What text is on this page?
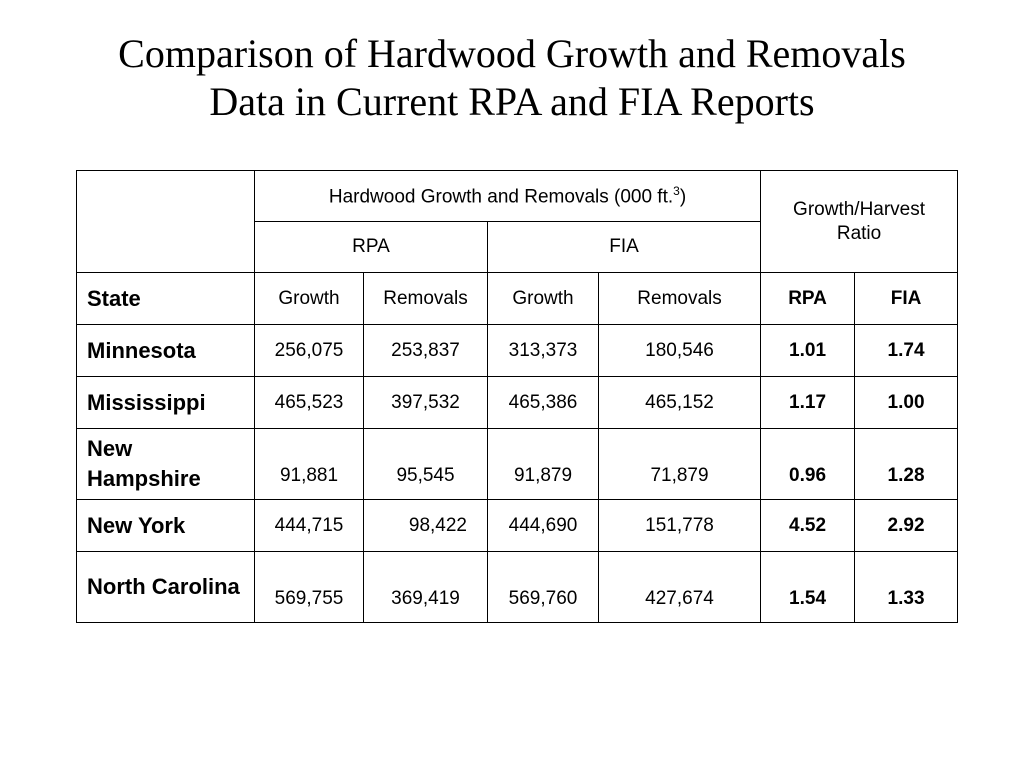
Comparison of Hardwood Growth and Removals
Data in Current RPA and FIA Reports
	Hardwood Growth and Removals (000 ft.$^3$)				Growth/Harvest Ratio	

	RPA		FIA			
State	Growth	Removals	Growth	Removals	RPA	FIA
Minnesota	256,075	253,837	313,373	180,546	1.01	1.74
Mississippi	465,523	397,532	465,386	465,152	1.17	1.00
New Hampshire	91,881	95,545	91,879	71,879	0.96	1.28
New York	444,715	98,422	444,690	151,778	4.52	2.92
North Carolina	569,755	369,419	569,760	427,674	1.54	1.33
